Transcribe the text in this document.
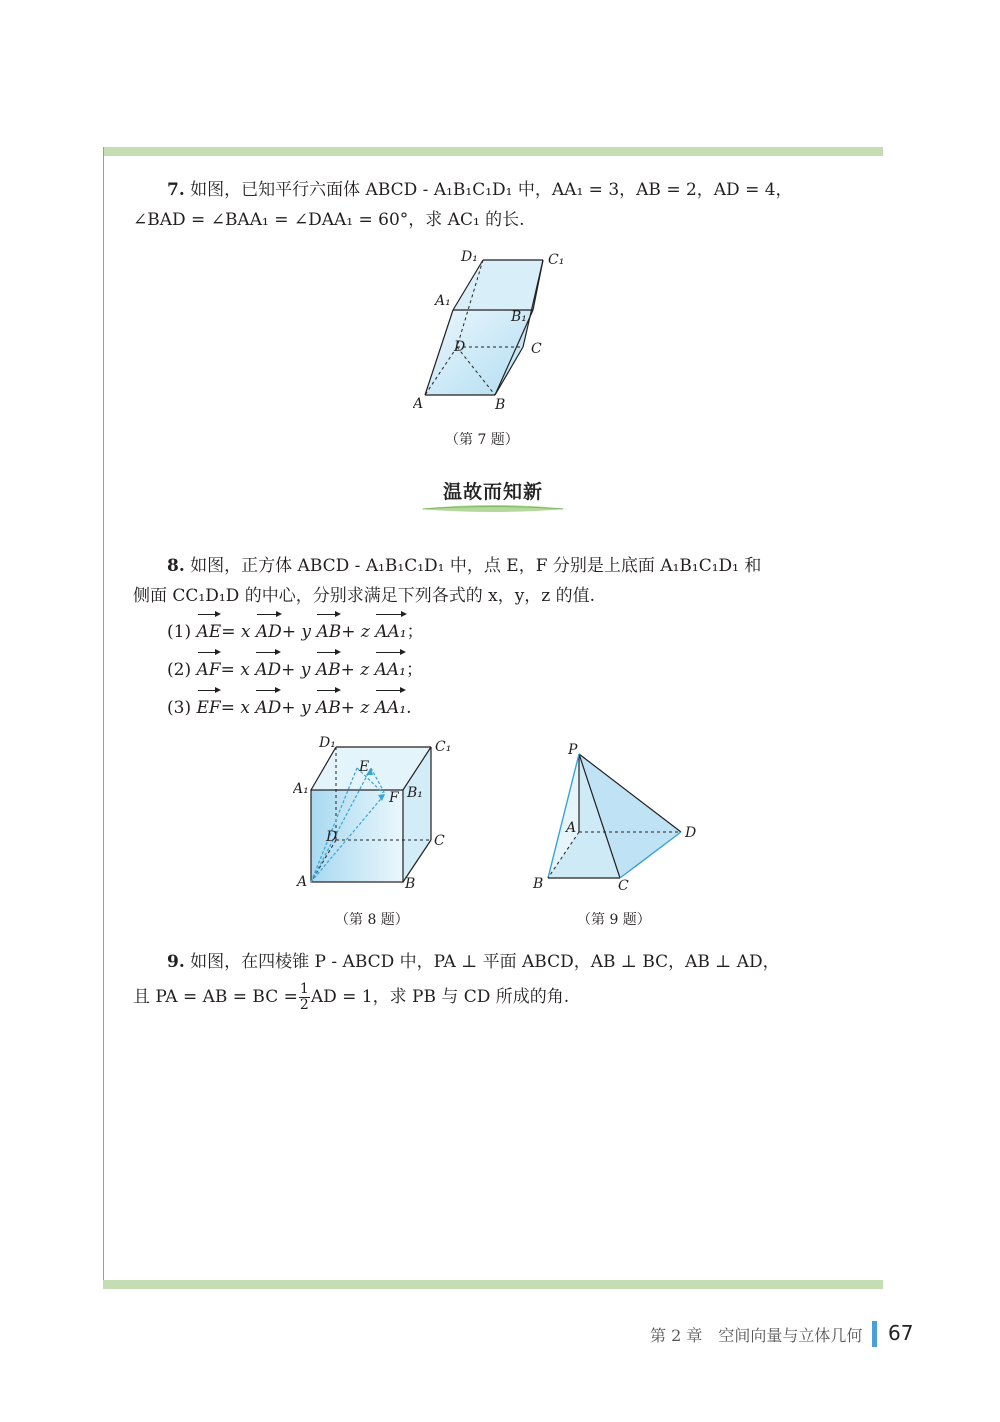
7. 如图，已知平行六面体 ABCD - A₁B₁C₁D₁ 中，AA₁ = 3，AB = 2，AD = 4，

∠BAD = ∠BAA₁ = ∠DAA₁ = 60°，求 AC₁ 的长.

D₁	C₁
A₁
B₁
D	C
A	B
（第 7 题）
温故而知新

8. 如图，正方体 ABCD - A₁B₁C₁D₁ 中，点 E，F 分别是上底面 A₁B₁C₁D₁ 和

侧面 CC₁D₁D 的中心，分别求满足下列各式的 x，y，z 的值.

(1) AE= x AD+ y AB+ z AA₁；

(2) AF= x AD+ y AB+ z AA₁；

(3) EF= x AD+ y AB+ z AA₁.

D₁	C₁
E
A₁
F B₁
D	C
A	B
（第 8 题）
P
A	D
B	C
（第 9 题）

9. 如图，在四棱锥 P - ABCD 中，PA ⊥ 平面 ABCD，AB ⊥ BC，AB ⊥ AD，

且 PA = AB = BC = $\frac{1}{2}$ AD = 1，求 PB 与 CD 所成的角.

第 2 章　空间向量与立体几何 67
